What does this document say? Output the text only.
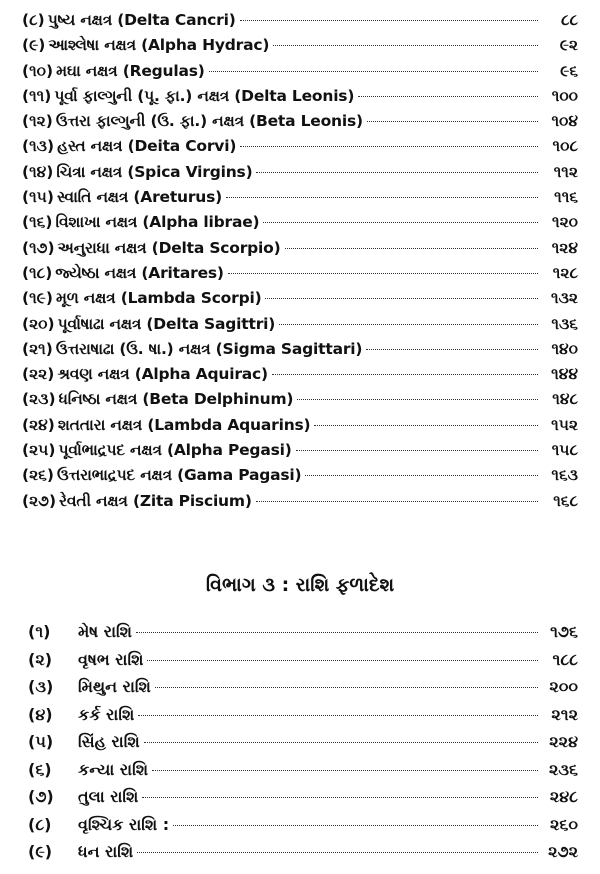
(૮) પુષ્ય નક્ષત્ર (Delta Cancri)	૮૮
(૯) આશ્લેષા નક્ષત્ર (Alpha Hydrac)	૯૨
(૧૦) મઘા નક્ષત્ર (Regulas)	૯૬
(૧૧) પૂર્વા ફાલ્ગુની (પૂ. ફા.) નક્ષત્ર (Delta Leonis)	૧૦૦
(૧૨) ઉત્તરા ફાલ્ગુની (ઉ. ફા.) નક્ષત્ર (Beta Leonis)	૧૦૪
(૧૩) હસ્ત નક્ષત્ર (Deita Corvi)	૧૦૮
(૧૪) ચિત્રા નક્ષત્ર (Spica Virgins)	૧૧૨
(૧૫) સ્વાતિ નક્ષત્ર (Areturus)	૧૧૬
(૧૬) વિશાખા નક્ષત્ર (Alpha librae)	૧૨૦
(૧૭) અનુરાધા નક્ષત્ર (Delta Scorpio)	૧૨૪
(૧૮) જ્યેષ્ઠા નક્ષત્ર (Aritares)	૧૨૮
(૧૯) મૂળ નક્ષત્ર (Lambda Scorpi)	૧૩૨
(૨૦) પૂર્વાષાઢા નક્ષત્ર (Delta Sagittri)	૧૩૬
(૨૧) ઉત્તરાષાઢા (ઉ. ષા.) નક્ષત્ર (Sigma Sagittari)	૧૪૦
(૨૨) શ્રવણ નક્ષત્ર (Alpha Aquirac)	૧૪૪
(૨૩) ધનિષ્ઠા નક્ષત્ર (Beta Delphinum)	૧૪૮
(૨૪) શતતારા નક્ષત્ર (Lambda Aquarins)	૧૫૨
(૨૫) પૂર્વાભાદ્રપદ નક્ષત્ર (Alpha Pegasi)	૧૫૮
(૨૬) ઉત્તરાભાદ્રપદ નક્ષત્ર (Gama Pagasi)	૧૬૩
(૨૭) રેવતી નક્ષત્ર (Zita Piscium)	૧૬૮
વિભાગ ૩ : રાશિ ફળાદેશ
(૧)	મેષ રાશિ	૧૭૬
(૨)	વૃષભ રાશિ	૧૮૮
(૩)	મિથુન રાશિ	૨૦૦
(૪)	કર્ક રાશિ	૨૧૨
(૫)	સિંહ રાશિ	૨૨૪
(૬)	કન્યા રાશિ	૨૩૬
(૭)	તુલા રાશિ	૨૪૮
(૮)	વૃશ્ચિક રાશિ :	૨૬૦
(૯)	ધન રાશિ	૨૭૨
